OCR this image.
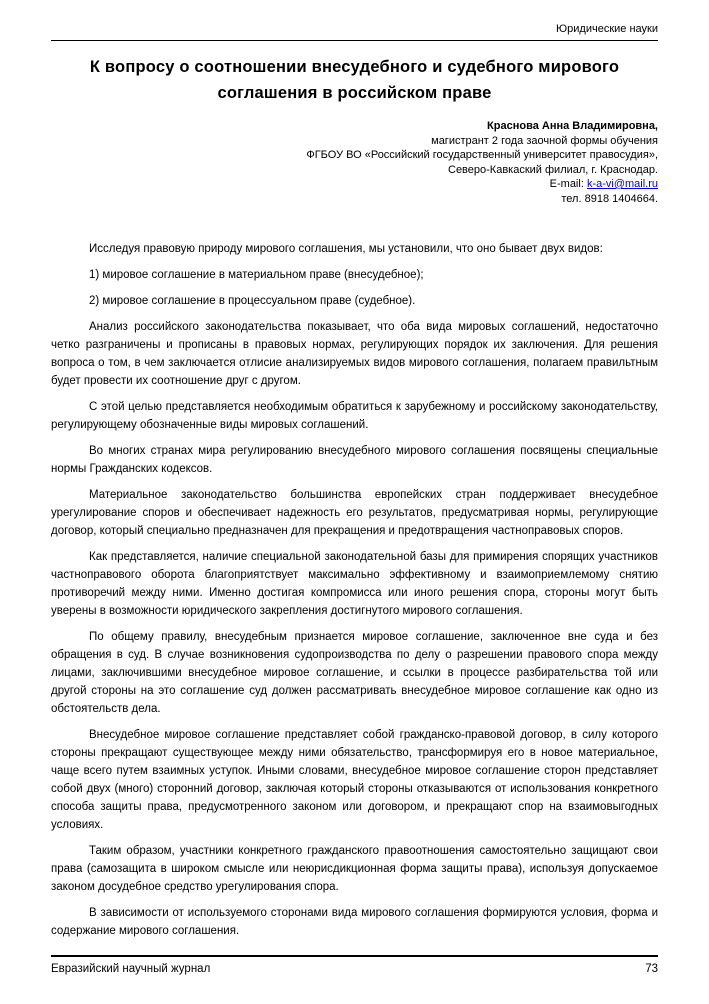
Юридические науки
К вопросу о соотношении внесудебного и судебного мирового соглашения в российском праве
Краснова Анна Владимировна,
магистрант 2 года заочной формы обучения
ФГБОУ ВО «Российский государственный университет правосудия»,
Северо-Кавкаский филиал, г. Краснодар.
E-mail: k-a-vi@mail.ru
тел. 8918 1404664.

Исследуя правовую природу мирового соглашения, мы установили, что оно бывает двух видов:

1) мировое соглашение в материальном праве (внесудебное);

2) мировое соглашение в процессуальном праве (судебное).

Анализ российского законодательства показывает, что оба вида мировых соглашений, недостаточно четко разграничены и прописаны в правовых нормах, регулирующих порядок их заключения. Для решения вопроса о том, в чем заключается отлисие анализируемых видов мирового соглашения, полагаем правильтным будет провести их соотношение друг с другом.

С этой целью представляется необходимым обратиться к зарубежному и российскому законодательству, регулирующему обозначенные виды мировых соглашений.

Во многих странах мира регулированию внесудебного мирового соглашения посвящены специальные нормы Гражданских кодексов.

Материальное законодательство большинства европейских стран поддерживает внесудебное урегулирование споров и обеспечивает надежность его результатов, предусматривая нормы, регулирующие договор, который специально предназначен для прекращения и предотвращения частноправовых споров.

Как представляется, наличие специальной законодательной базы для примирения спорящих участников частноправового оборота благоприятствует максимально эффективному и взаимоприемлемому снятию противоречий между ними. Именно достигая компромисса или иного решения спора, стороны могут быть уверены в возможности юридического закрепления достигнутого мирового соглашения.

По общему правилу, внесудебным признается мировое соглашение, заключенное вне суда и без обращения в суд. В случае возникновения судопроизводства по делу о разрешении правового спора между лицами, заключившими внесудебное мировое соглашение, и ссылки в процессе разбирательства той или другой стороны на это соглашение суд должен рассматривать внесудебное мировое соглашение как одно из обстоятельств дела.

Внесудебное мировое соглашение представляет собой гражданско-правовой договор, в силу которого стороны прекращают существующее между ними обязательство, трансформируя его в новое материальное, чаще всего путем взаимных уступок. Иными словами, внесудебное мировое соглашение сторон представляет собой двух (много) сторонний договор, заключая который стороны отказываются от использования конкретного способа защиты права, предусмотренного законом или договором, и прекращают спор на взаимовыгодных условиях.

Таким образом, участники конкретного гражданского правоотношения самостоятельно защищают свои права (самозащита в широком смысле или неюрисдикционная форма защиты права), используя допускаемое законом досудебное средство урегулирования спора.

В зависимости от используемого сторонами вида мирового соглашения формируются условия, форма и содержание мирового соглашения.

Евразийский научный журнал	73
